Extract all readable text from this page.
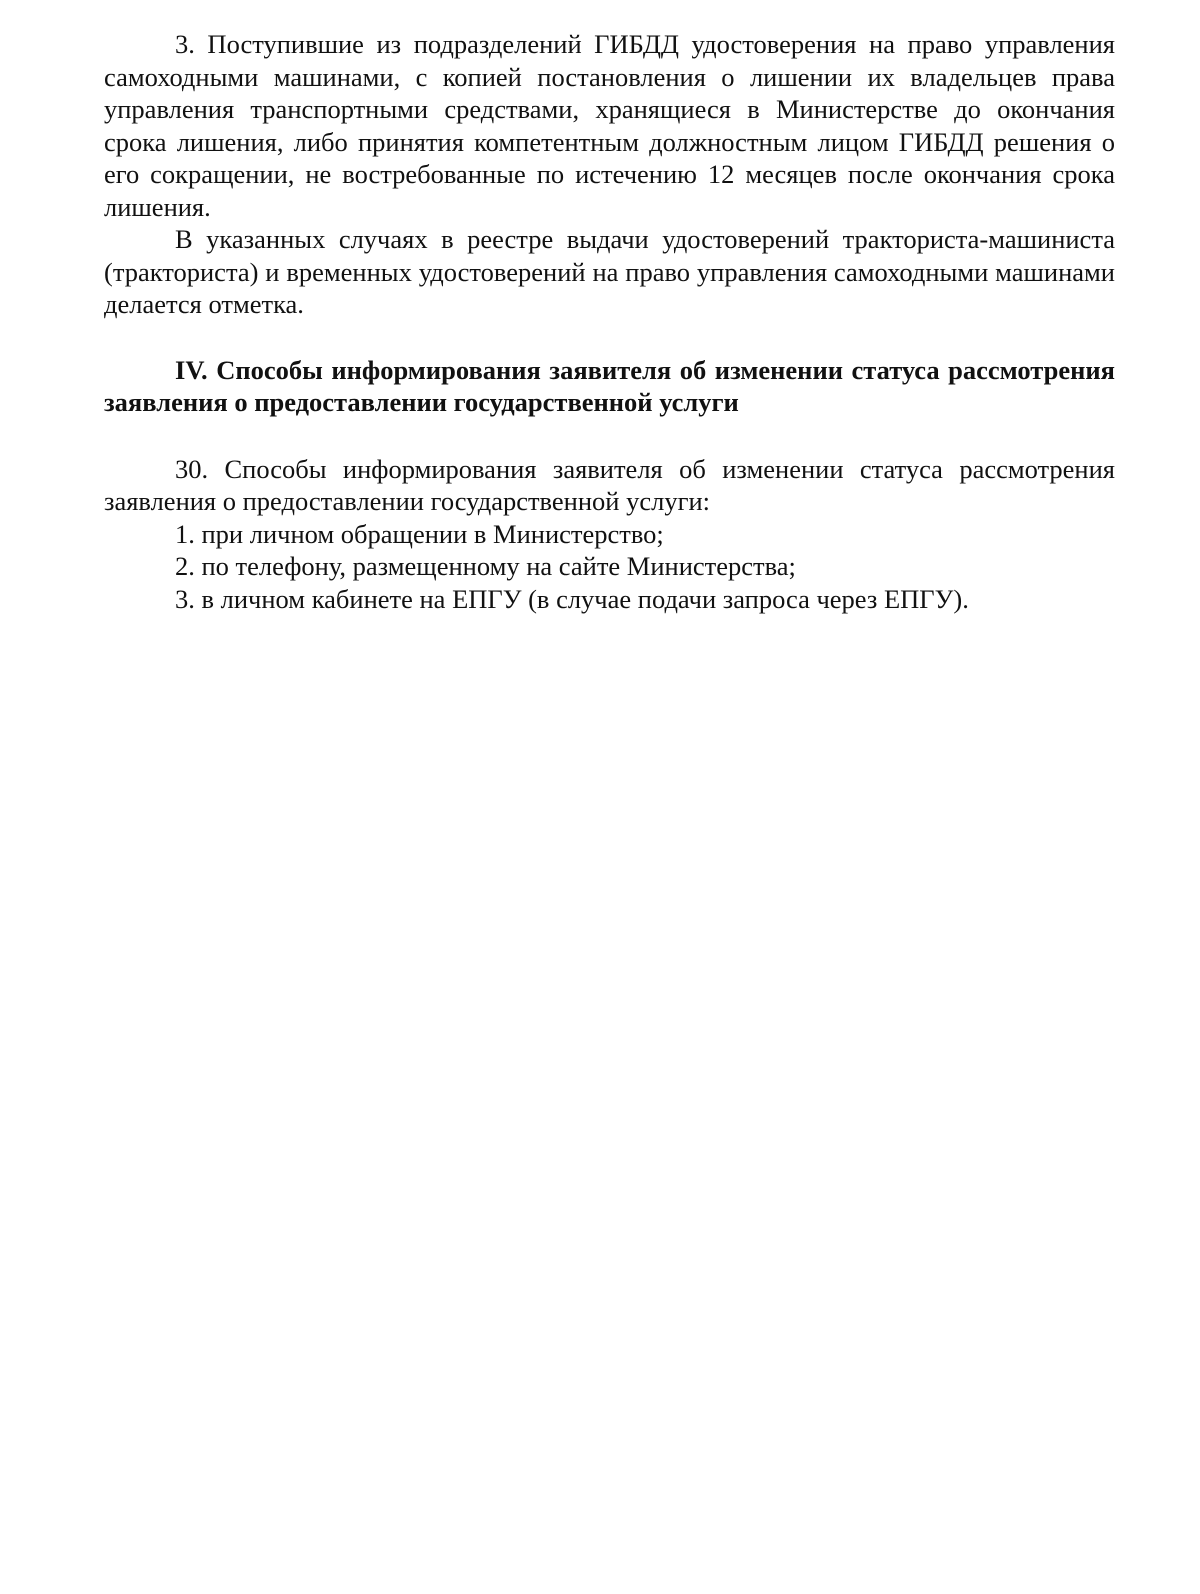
3. Поступившие из подразделений ГИБДД удостоверения на право управления самоходными машинами, с копией постановления о лишении их владельцев права управления транспортными средствами, хранящиеся в Министерстве до окончания срока лишения, либо принятия компетентным должностным лицом ГИБДД решения о его сокращении, не востребованные по истечению 12 месяцев после окончания срока лишения.

В указанных случаях в реестре выдачи удостоверений тракториста-машиниста (тракториста) и временных удостоверений на право управления самоходными машинами делается отметка.

IV. Способы информирования заявителя об изменении статуса рассмотрения заявления о предоставлении государственной услуги

30. Способы информирования заявителя об изменении статуса рассмотрения заявления о предоставлении государственной услуги:

1. при личном обращении в Министерство;

2. по телефону, размещенному на сайте Министерства;

3. в личном кабинете на ЕПГУ (в случае подачи запроса через ЕПГУ).
